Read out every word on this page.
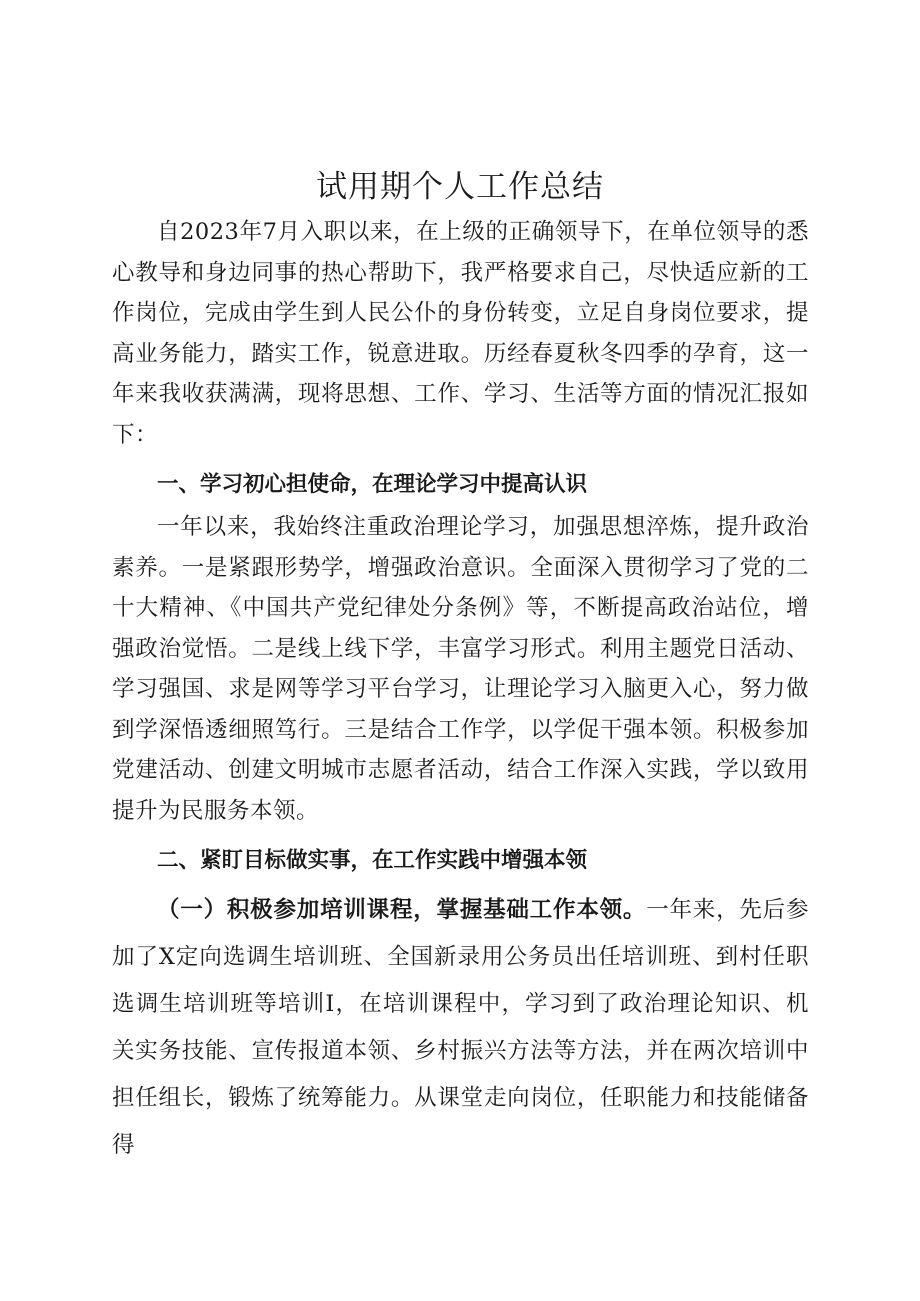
试用期个人工作总结

自2023年7月入职以来，在上级的正确领导下，在单位领导的悉心教导和身边同事的热心帮助下，我严格要求自己，尽快适应新的工作岗位，完成由学生到人民公仆的身份转变，立足自身岗位要求，提高业务能力，踏实工作，锐意进取。历经春夏秋冬四季的孕育，这一年来我收获满满，现将思想、工作、学习、生活等方面的情况汇报如下：

一、学习初心担使命，在理论学习中提高认识

一年以来，我始终注重政治理论学习，加强思想淬炼，提升政治素养。一是紧跟形势学，增强政治意识。全面深入贯彻学习了党的二十大精神、《中国共产党纪律处分条例》等，不断提高政治站位，增强政治觉悟。二是线上线下学，丰富学习形式。利用主题党日活动、学习强国、求是网等学习平台学习，让理论学习入脑更入心，努力做到学深悟透细照笃行。三是结合工作学，以学促干强本领。积极参加党建活动、创建文明城市志愿者活动，结合工作深入实践，学以致用提升为民服务本领。

二、紧盯目标做实事，在工作实践中增强本领

（一）积极参加培训课程，掌握基础工作本领。一年来，先后参加了X定向选调生培训班、全国新录用公务员出任培训班、到村任职选调生培训班等培训I，在培训课程中，学习到了政治理论知识、机关实务技能、宣传报道本领、乡村振兴方法等方法，并在两次培训中担任组长，锻炼了统筹能力。从课堂走向岗位，任职能力和技能储备得
